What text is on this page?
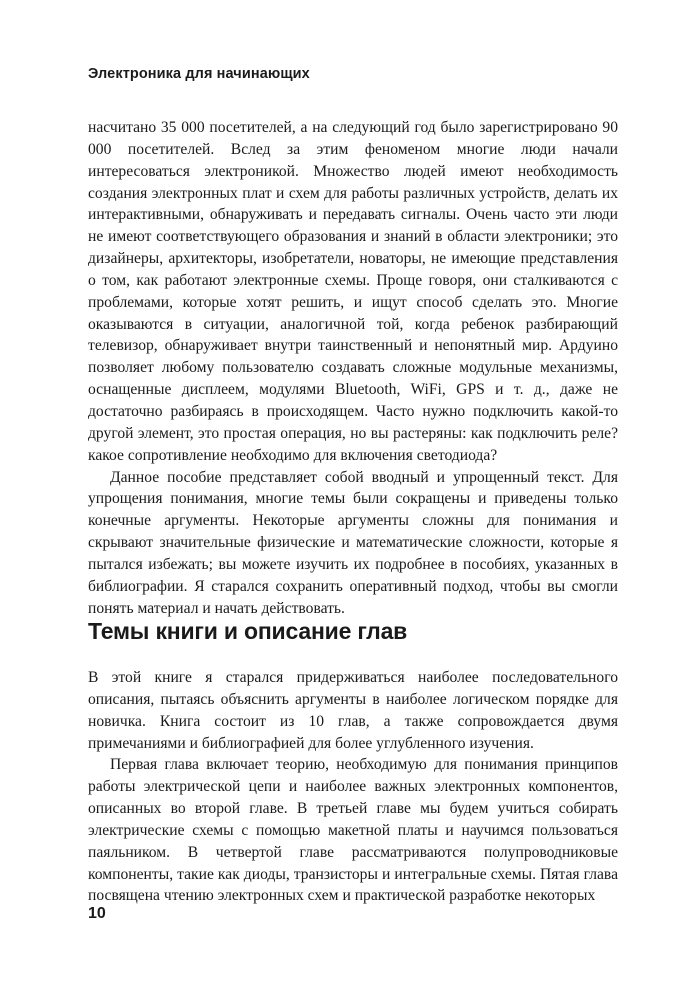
Электроника для начинающих

насчитано 35 000 посетителей, а на следующий год было зарегистрировано 90 000 посетителей. Вслед за этим феноменом многие люди начали интересоваться электроникой. Множество людей имеют необходимость создания электронных плат и схем для работы различных устройств, делать их интерактивными, обнаруживать и передавать сигналы. Очень часто эти люди не имеют соответствующего образования и знаний в области электроники; это дизайнеры, архитекторы, изобретатели, новаторы, не имеющие представления о том, как работают электронные схемы. Проще говоря, они сталкиваются с проблемами, которые хотят решить, и ищут способ сделать это. Многие оказываются в ситуации, аналогичной той, когда ребенок разбирающий телевизор, обнаруживает внутри таинственный и непонятный мир. Ардуино позволяет любому пользователю создавать сложные модульные механизмы, оснащенные дисплеем, модулями Bluetooth, WiFi, GPS и т. д., даже не достаточно разбираясь в происходящем. Часто нужно подключить какой-то другой элемент, это простая операция, но вы растеряны: как подключить реле? какое сопротивление необходимо для включения светодиода?

Данное пособие представляет собой вводный и упрощенный текст. Для упрощения понимания, многие темы были сокращены и приведены только конечные аргументы. Некоторые аргументы сложны для понимания и скрывают значительные физические и математические сложности, которые я пытался избежать; вы можете изучить их подробнее в пособиях, указанных в библиографии. Я старался сохранить оперативный подход, чтобы вы смогли понять материал и начать действовать.

Темы книги и описание глав

В этой книге я старался придерживаться наиболее последовательного описания, пытаясь объяснить аргументы в наиболее логическом порядке для новичка. Книга состоит из 10 глав, а также сопровождается двумя примечаниями и библиографией для более углубленного изучения.

Первая глава включает теорию, необходимую для понимания принципов работы электрической цепи и наиболее важных электронных компонентов, описанных во второй главе. В третьей главе мы будем учиться собирать электрические схемы с помощью макетной платы и научимся пользоваться паяльником. В четвертой главе рассматриваются полупроводниковые компоненты, такие как диоды, транзисторы и интегральные схемы. Пятая глава посвящена чтению электронных схем и практической разработке некоторых

10
